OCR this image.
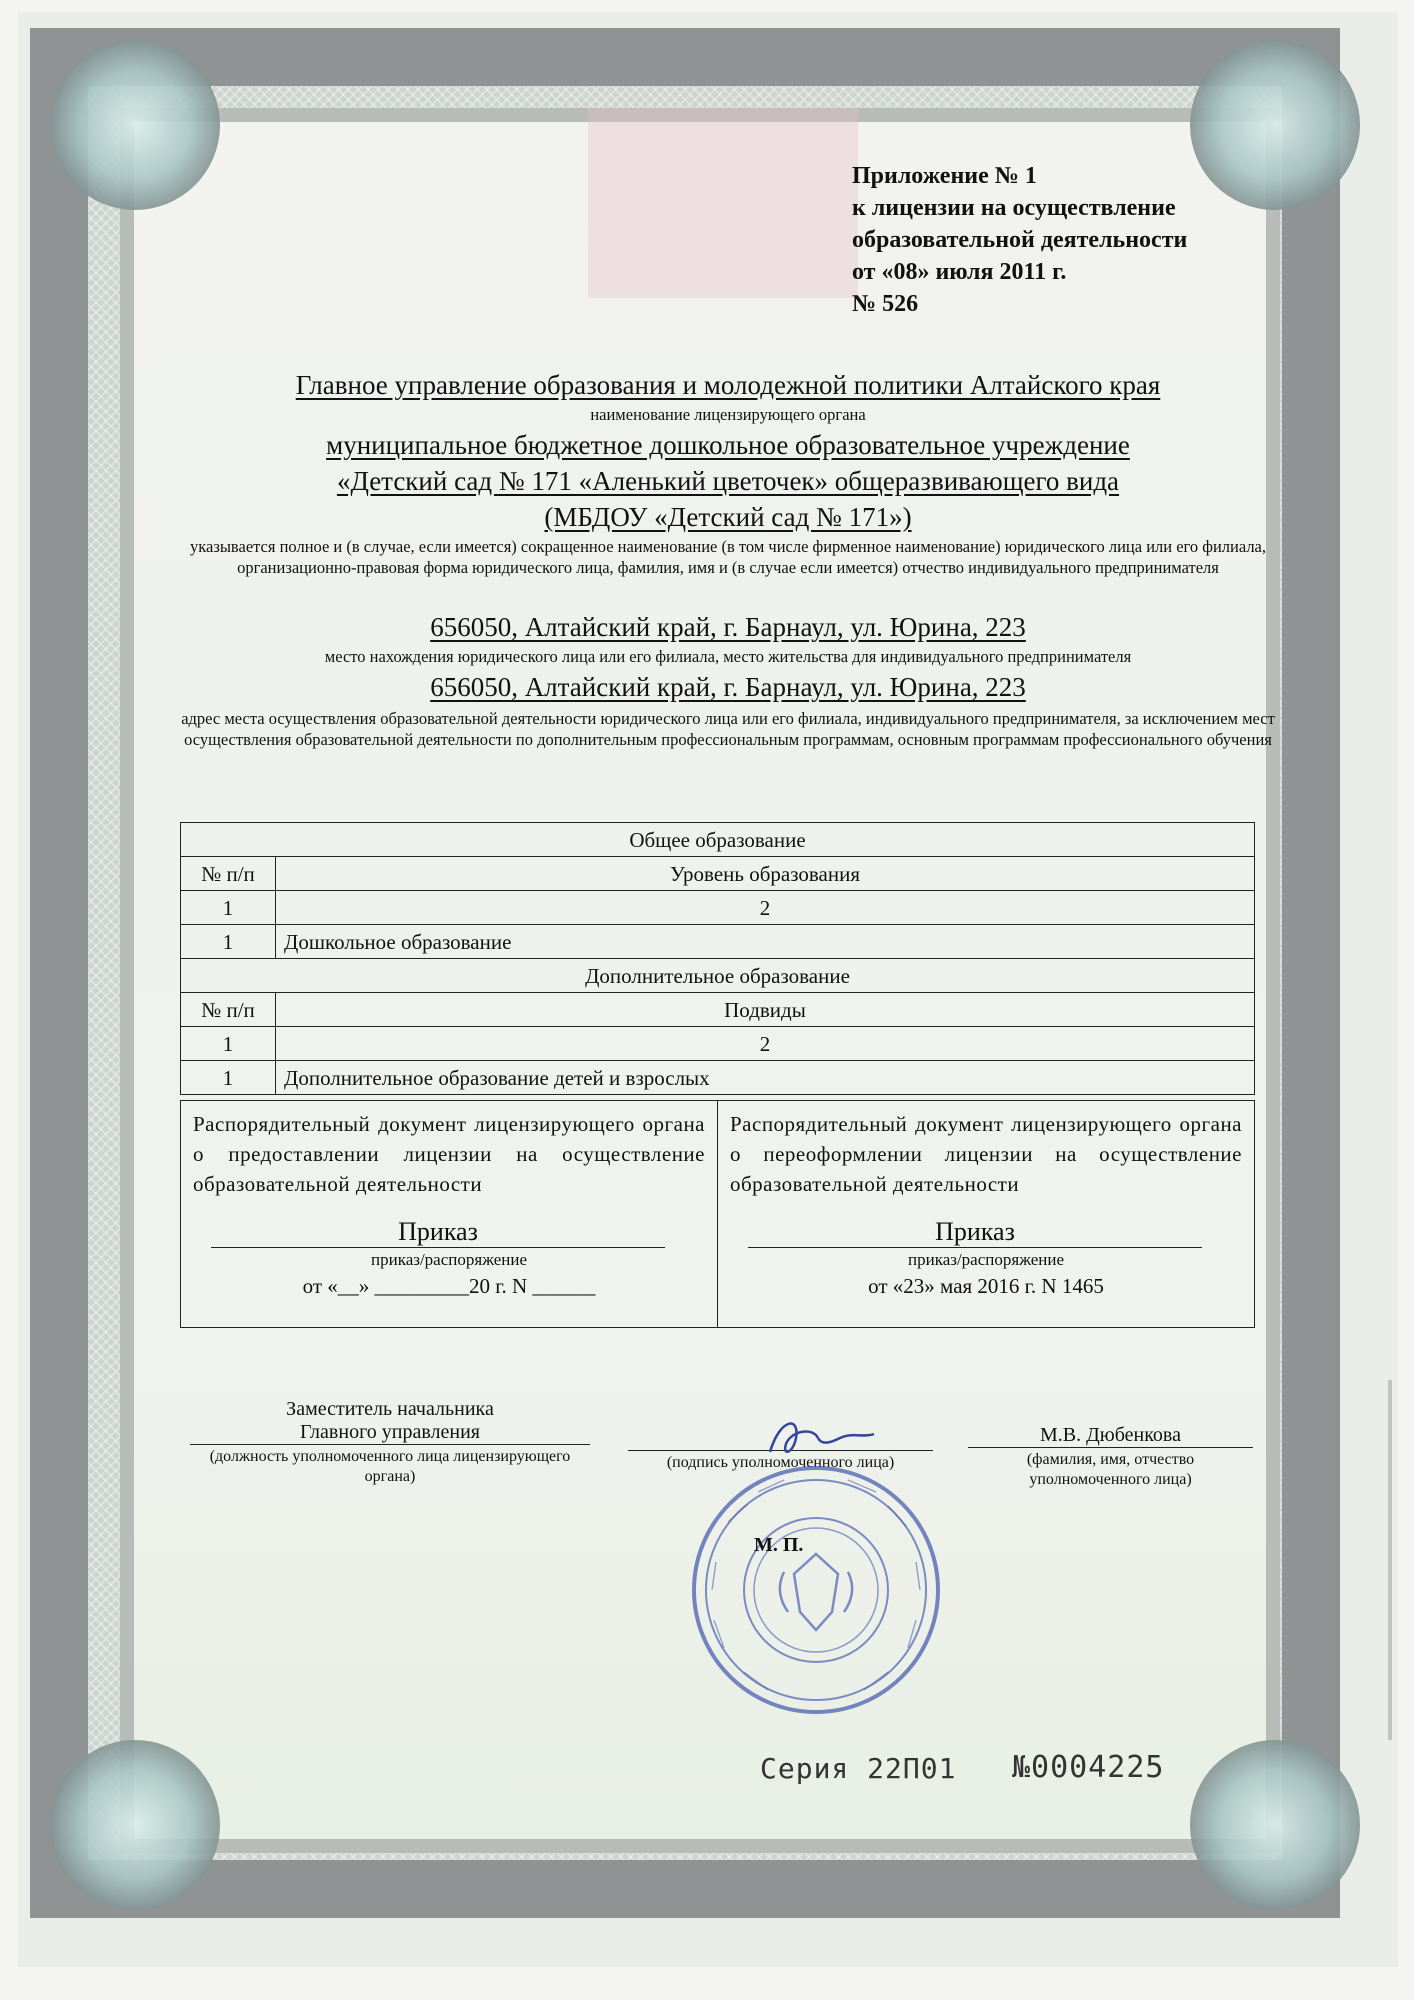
Приложение № 1
к лицензии на осуществление
образовательной деятельности
от «08» июля 2011 г.
№ 526
Главное управление образования и молодежной политики Алтайского края
наименование лицензирующего органа
муниципальное бюджетное дошкольное образовательное учреждение
«Детский сад № 171 «Аленький цветочек» общеразвивающего вида
(МБДОУ «Детский сад № 171»)
указывается полное и (в случае, если имеется) сокращенное наименование (в том числе фирменное наименование) юридического лица или его филиала, организационно-правовая форма юридического лица, фамилия, имя и (в случае если имеется) отчество индивидуального предпринимателя
656050, Алтайский край, г. Барнаул, ул. Юрина, 223
место нахождения юридического лица или его филиала, место жительства для индивидуального предпринимателя
656050, Алтайский край, г. Барнаул, ул. Юрина, 223
адрес места осуществления образовательной деятельности юридического лица или его филиала, индивидуального предпринимателя, за исключением мест осуществления образовательной деятельности по дополнительным профессиональным программам, основным программам профессионального обучения
Общее образование	
№ п/п	Уровень образования
1	2
1	Дошкольное образование
Дополнительное образование	
№ п/п	Подвиды
1	2
1	Дополнительное образование детей и взрослых
Распорядительный документ лицензирующего органа о предоставлении лицензии на осуществление образовательной деятельности
Приказ
приказ/распоряжение
от «__» _________20 г. N ______

Распорядительный документ лицензирующего органа о переоформлении лицензии на осуществление образовательной деятельности
Приказ
приказ/распоряжение
от «23» мая 2016 г. N 1465
Заместитель начальника
Главного управления
(должность уполномоченного лица лицензирующего органа)
(подпись уполномоченного лица)
М.В. Дюбенкова
(фамилия, имя, отчество уполномоченного лица)
М. П.
Серия 22П01 №0004225
